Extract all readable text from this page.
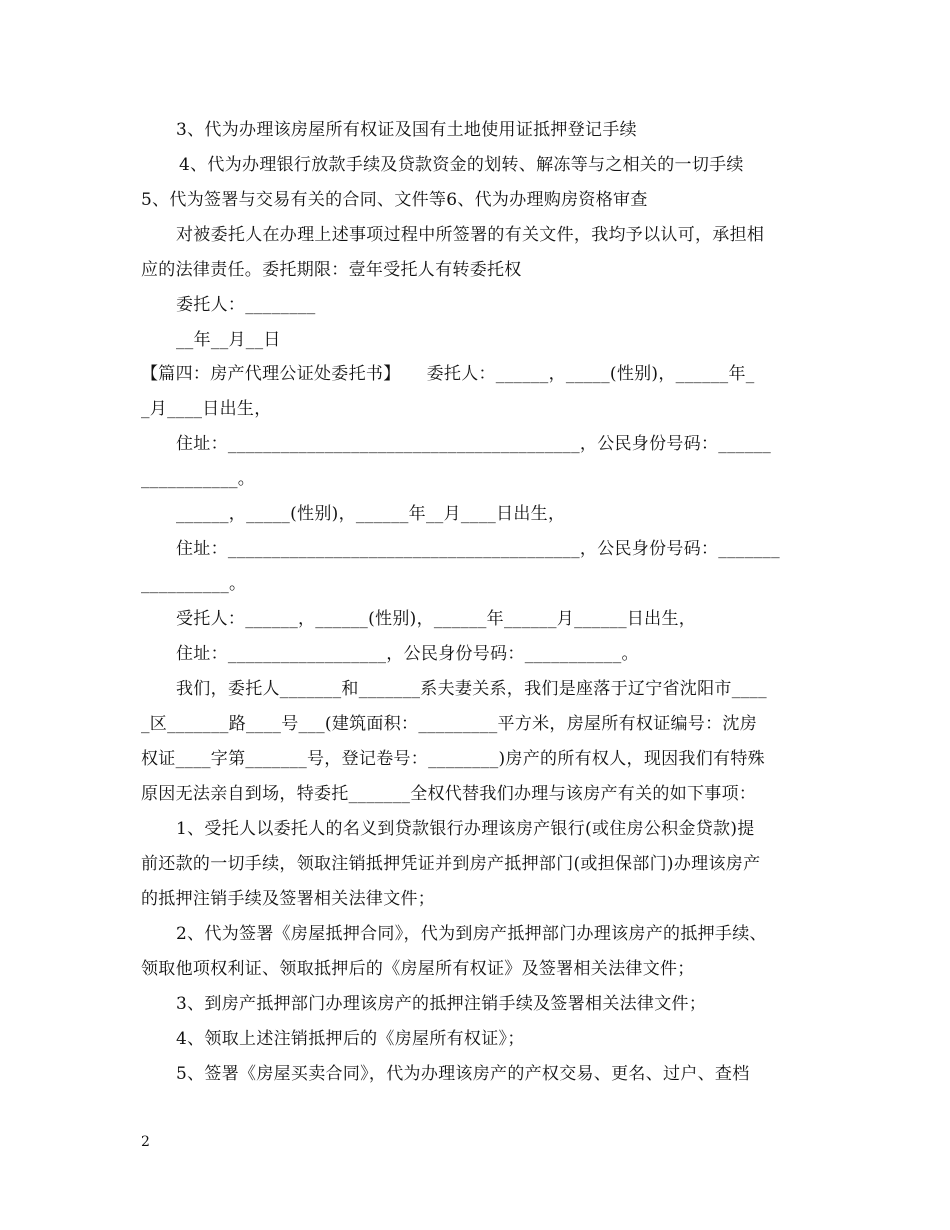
3、代为办理该房屋所有权证及国有土地使用证抵押登记手续
4、代为办理银行放款手续及贷款资金的划转、解冻等与之相关的一切手续
5、代为签署与交易有关的合同、文件等6、代为办理购房资格审查
对被委托人在办理上述事项过程中所签署的有关文件，我均予以认可，承担相
应的法律责任。委托期限：壹年受托人有转委托权
委托人：________
__年__月__日
【篇四：房产代理公证处委托书】　　委托人：______，_____(性别)，______年_
_月____日出生，
住址：________________________________________，公民身份号码：______
___________。
______，_____(性别)，______年__月____日出生，
住址：________________________________________，公民身份号码：_______
__________。
受托人：______，______(性别)，______年______月______日出生，
住址：__________________，公民身份号码：___________。
我们，委托人_______和_______系夫妻关系，我们是座落于辽宁省沈阳市____
_区_______路____号___(建筑面积：_________平方米，房屋所有权证编号：沈房
权证____字第_______号，登记卷号：________)房产的所有权人，现因我们有特殊
原因无法亲自到场，特委托_______全权代替我们办理与该房产有关的如下事项：
1、受托人以委托人的名义到贷款银行办理该房产银行(或住房公积金贷款)提
前还款的一切手续，领取注销抵押凭证并到房产抵押部门(或担保部门)办理该房产
的抵押注销手续及签署相关法律文件；
2、代为签署《房屋抵押合同》，代为到房产抵押部门办理该房产的抵押手续、
领取他项权利证、领取抵押后的《房屋所有权证》及签署相关法律文件；
3、到房产抵押部门办理该房产的抵押注销手续及签署相关法律文件；
4、领取上述注销抵押后的《房屋所有权证》；
5、签署《房屋买卖合同》，代为办理该房产的产权交易、更名、过户、查档
2
